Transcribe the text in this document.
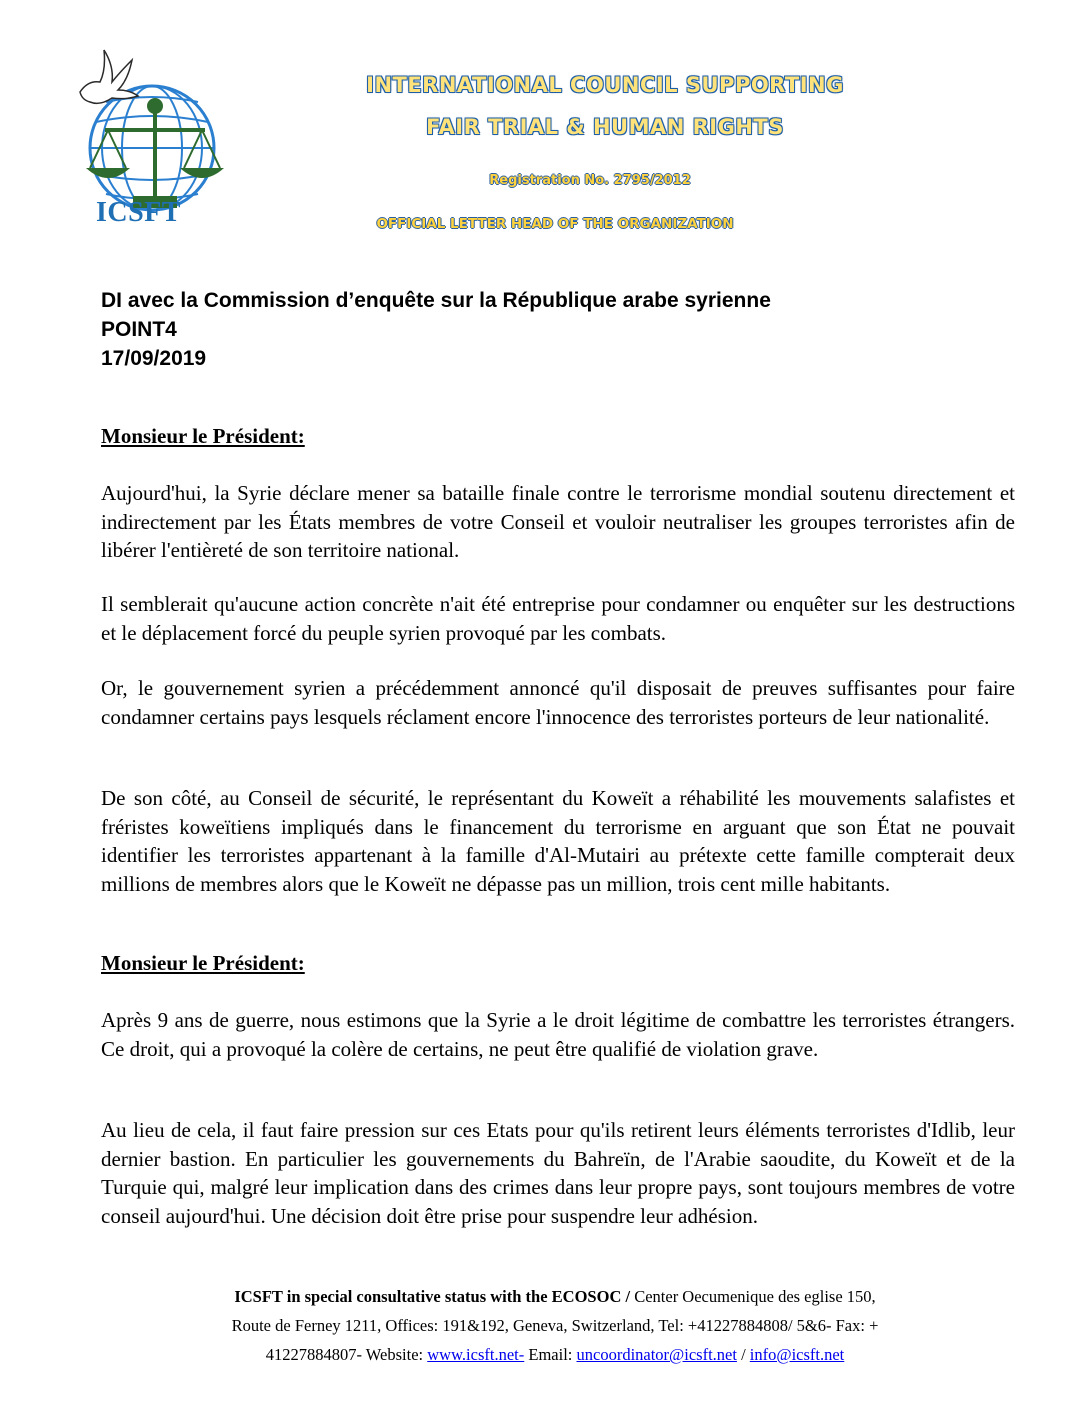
ICSFT
INTERNATIONAL COUNCIL SUPPORTING
FAIR TRIAL & HUMAN RIGHTS
Registration No. 2795/2012
OFFICIAL LETTER HEAD OF THE ORGANIZATION
DI avec la Commission d’enquête sur la République arabe syrienne
POINT4
17/09/2019
Monsieur le Président:
Aujourd'hui, la Syrie déclare mener sa bataille finale contre le terrorisme mondial soutenu directement et indirectement par les États membres de votre Conseil et vouloir neutraliser les groupes terroristes afin de libérer l'entièreté de son territoire national.
Il semblerait qu'aucune action concrète n'ait été entreprise pour condamner ou enquêter sur les destructions et le déplacement forcé du peuple syrien provoqué par les combats.
Or, le gouvernement syrien a précédemment annoncé qu'il disposait de preuves suffisantes pour faire condamner certains pays lesquels réclament encore l'innocence des terroristes porteurs de leur nationalité.
De son côté, au Conseil de sécurité, le représentant du Koweït a réhabilité les mouvements salafistes et fréristes koweïtiens impliqués dans le financement du terrorisme en arguant que son État ne pouvait identifier les terroristes appartenant à la famille d'Al-Mutairi au prétexte cette famille compterait deux millions de membres alors que le Koweït ne dépasse pas un million, trois cent mille habitants.
Monsieur le Président:
Après 9 ans de guerre, nous estimons que la Syrie a le droit légitime de combattre les terroristes étrangers. Ce droit, qui a provoqué la colère de certains, ne peut être qualifié de violation grave.
Au lieu de cela, il faut faire pression sur ces Etats pour qu'ils retirent leurs éléments terroristes d'Idlib, leur dernier bastion. En particulier les gouvernements du Bahreïn, de l'Arabie saoudite, du Koweït et de la Turquie qui, malgré leur implication dans des crimes dans leur propre pays, sont toujours membres de votre conseil aujourd'hui. Une décision doit être prise pour suspendre leur adhésion.
ICSFT in special consultative status with the ECOSOC / Center Oecumenique des eglise 150,
Route de Ferney 1211, Offices: 191&192, Geneva, Switzerland, Tel: +41227884808/ 5&6- Fax: +
41227884807- Website: www.icsft.net- Email: uncoordinator@icsft.net / info@icsft.net
